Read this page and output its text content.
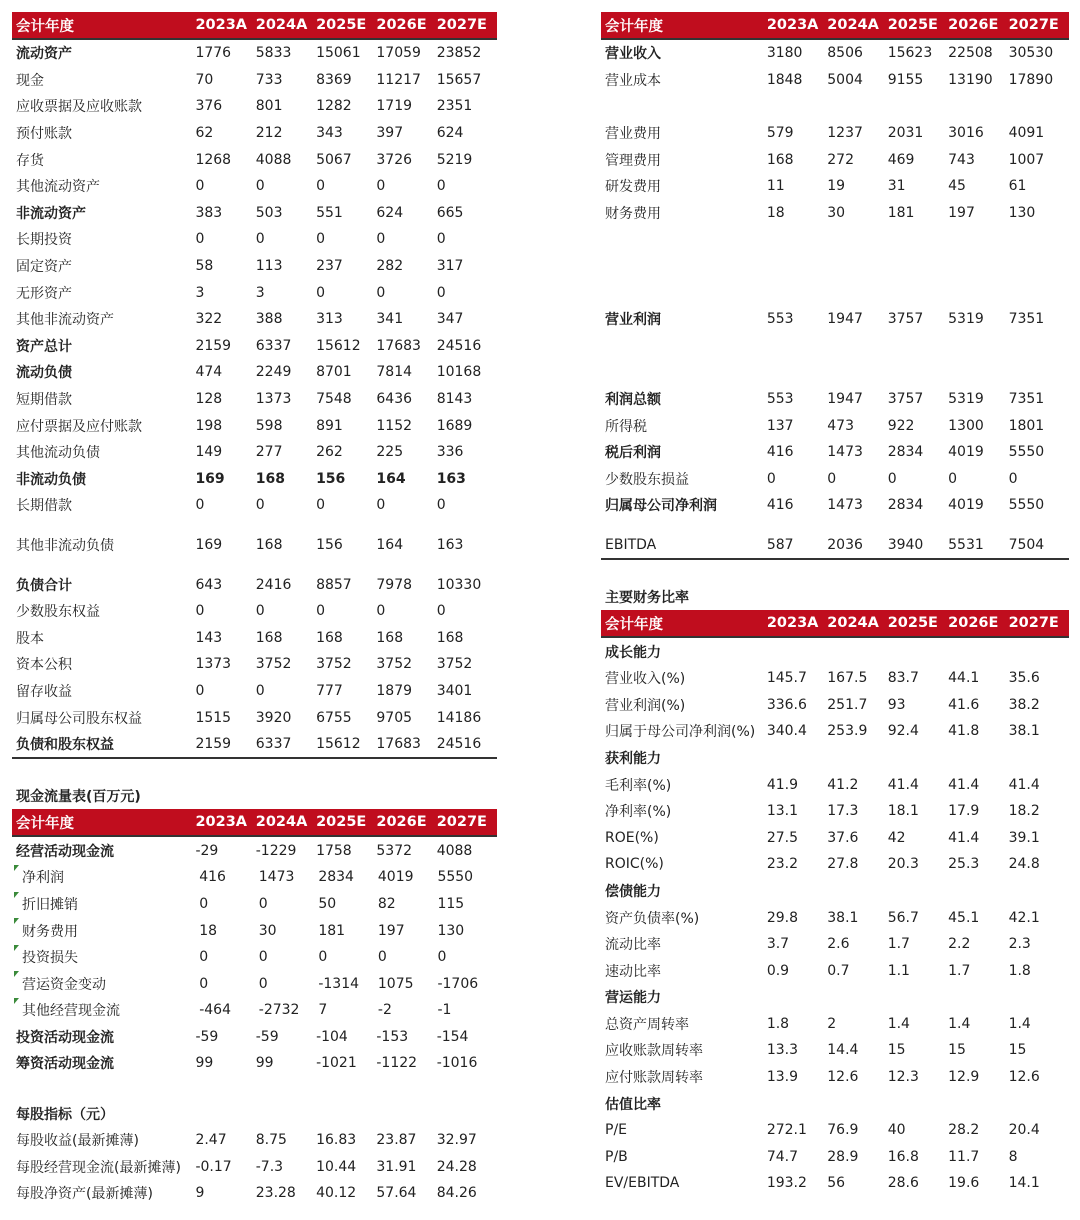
会计年度	2023A 2024A 2025E 2026E 2027E
流动资产	1776	5833	15061	17059	23852
现金	70	733	8369	11217	15657
应收票据及应收账款	376	801	1282	1719	2351
预付账款	62	212	343	397	624
存货	1268	4088	5067	3726	5219
其他流动资产	0	0	0	0	0
非流动资产	383	503	551	624	665
长期投资	0	0	0	0	0
固定资产	58	113	237	282	317
无形资产	3	3	0	0	0
其他非流动资产	322	388	313	341	347
资产总计	2159	6337	15612	17683	24516
流动负债	474	2249	8701	7814	10168
短期借款	128	1373	7548	6436	8143
应付票据及应付账款	198	598	891	1152	1689
其他流动负债	149	277	262	225	336
非流动负债	169	168	156	164	163
长期借款	0	0	0	0	0
其他非流动负债	169	168	156	164	163
负债合计	643	2416	8857	7978	10330
少数股东权益	0	0	0	0	0
股本	143	168	168	168	168
资本公积	1373	3752	3752	3752	3752
留存收益	0	0	777	1879	3401
归属母公司股东权益	1515	3920	6755	9705	14186
负债和股东权益	2159	6337	15612	17683	24516
现金流量表(百万元)
会计年度	2023A 2024A 2025E 2026E 2027E
经营活动现金流	-29	-1229	1758	5372	4088
净利润	416	1473	2834	4019	5550
折旧摊销	0	0	50	82	115
财务费用	18	30	181	197	130
投资损失	0	0	0	0	0
营运资金变动	0	0	-1314	1075	-1706
其他经营现金流	-464	-2732	7	-2	-1
投资活动现金流	-59	-59	-104	-153	-154
筹资活动现金流	99	99	-1021	-1122	-1016
每股指标（元）
每股收益(最新摊薄)	2.47	8.75	16.83	23.87	32.97
每股经营现金流(最新摊薄)	-0.17	-7.3	10.44	31.91	24.28
每股净资产(最新摊薄)	9	23.28	40.12	57.64	84.26
会计年度	2023A 2024A 2025E 2026E 2027E
营业收入	3180	8506	15623	22508	30530
营业成本	1848	5004	9155	13190	17890
营业费用	579	1237	2031	3016	4091
管理费用	168	272	469	743	1007
研发费用	11	19	31	45	61
财务费用	18	30	181	197	130
营业利润	553	1947	3757	5319	7351
利润总额	553	1947	3757	5319	7351
所得税	137	473	922	1300	1801
税后利润	416	1473	2834	4019	5550
少数股东损益	0	0	0	0	0
归属母公司净利润	416	1473	2834	4019	5550
EBITDA	587	2036	3940	5531	7504
主要财务比率
会计年度	2023A 2024A 2025E 2026E 2027E
成长能力
营业收入(%)	145.7	167.5	83.7	44.1	35.6
营业利润(%)	336.6	251.7	93	41.6	38.2
归属于母公司净利润(%) 340.4	253.9	92.4	41.8	38.1
获利能力
毛利率(%)	41.9	41.2	41.4	41.4	41.4
净利率(%)	13.1	17.3	18.1	17.9	18.2
ROE(%)	27.5	37.6	42	41.4	39.1
ROIC(%)	23.2	27.8	20.3	25.3	24.8
偿债能力
资产负债率(%)	29.8	38.1	56.7	45.1	42.1
流动比率	3.7	2.6	1.7	2.2	2.3
速动比率	0.9	0.7	1.1	1.7	1.8
营运能力
总资产周转率	1.8	2	1.4	1.4	1.4
应收账款周转率	13.3	14.4	15	15	15
应付账款周转率	13.9	12.6	12.3	12.9	12.6
估值比率
P/E	272.1	76.9	40	28.2	20.4
P/B	74.7	28.9	16.8	11.7	8
EV/EBITDA	193.2	56	28.6	19.6	14.1
